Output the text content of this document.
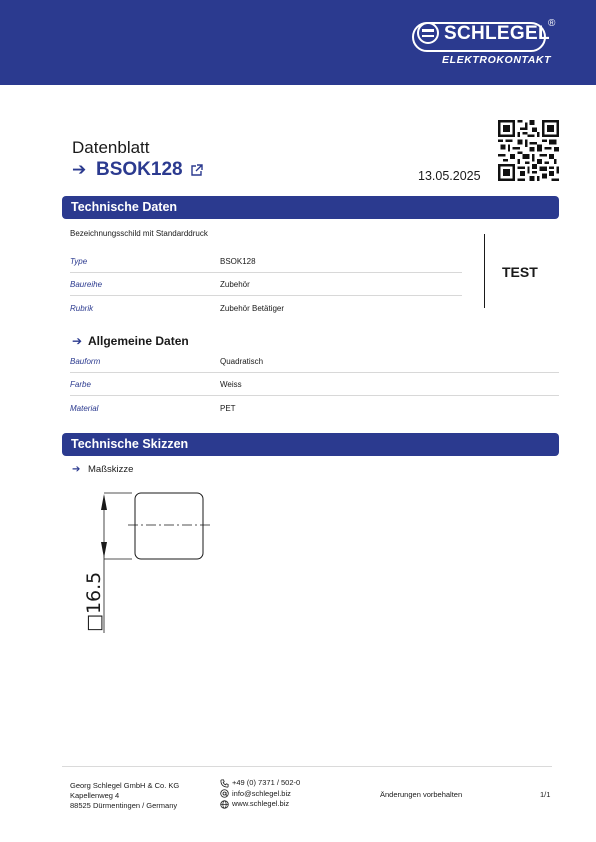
SCHLEGEL
®
ELEKTROKONTAKT
Datenblatt
➔ BSOK128	13.05.2025
Technische Daten
Bezeichnungsschild mit Standarddruck
Type	BSOK128
Baureihe	Zubehör
Rubrik	Zubehör Betätiger
TEST
➔ Allgemeine Daten
Bauform	Quadratisch
Farbe	Weiss
Material	PET
Technische Skizzen
➔ Maßskizze
□16.5
Georg Schlegel GmbH & Co. KG
Kapellenweg 4
88525 Dürmentingen / Germany
+49 (0) 7371 / 502-0
info@schlegel.biz
www.schlegel.biz
Änderungen vorbehalten	1/1
